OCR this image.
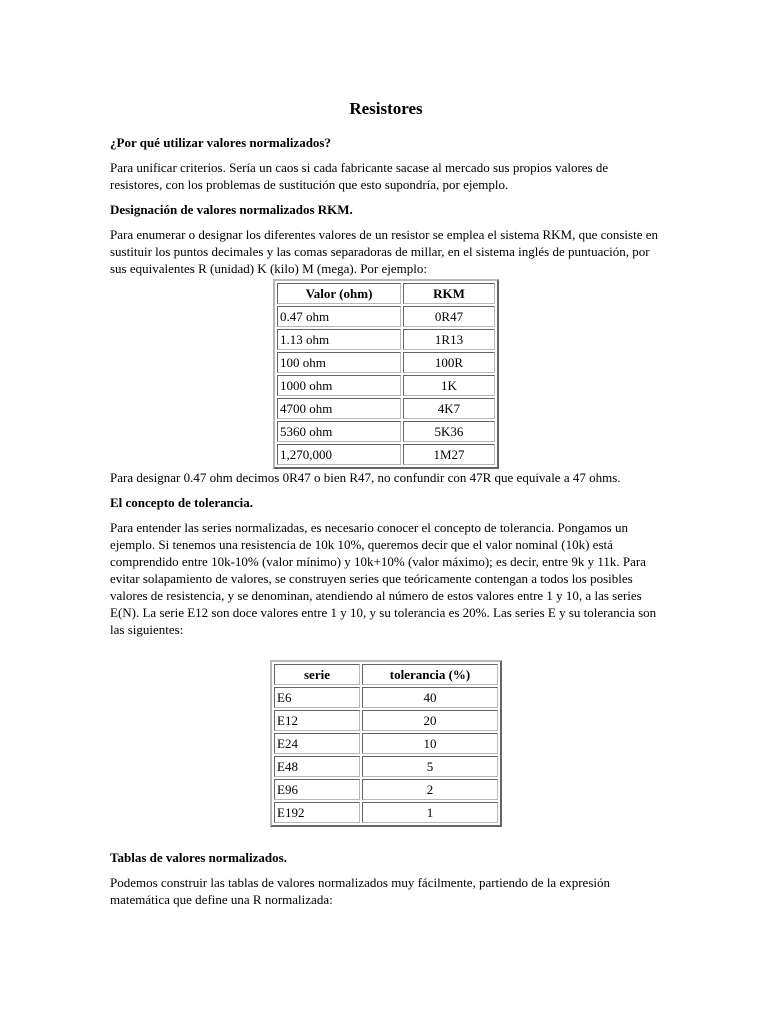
Resistores
¿Por qué utilizar valores normalizados?

Para unificar criterios. Sería un caos si cada fabricante sacase al mercado sus propios valores de resistores, con los problemas de sustitución que esto supondría, por ejemplo.

Designación de valores normalizados RKM.

Para enumerar o designar los diferentes valores de un resistor se emplea el sistema RKM, que consiste en sustituir los puntos decimales y las comas separadoras de millar, en el sistema inglés de puntuación, por sus equivalentes R (unidad) K (kilo) M (mega). Por ejemplo:

Valor (ohm)	RKM
0.47 ohm	0R47
1.13 ohm	1R13
100 ohm	100R
1000 ohm	1K
4700 ohm	4K7
5360 ohm	5K36
1,270,000	1M27

Para designar 0.47 ohm decimos 0R47 o bien R47, no confundir con 47R que equivale a 47 ohms.

El concepto de tolerancia.

Para entender las series normalizadas, es necesario conocer el concepto de tolerancia. Pongamos un ejemplo. Si tenemos una resistencia de 10k 10%, queremos decir que el valor nominal (10k) está comprendido entre 10k-10% (valor mínimo) y 10k+10% (valor máximo); es decir, entre 9k y 11k. Para evitar solapamiento de valores, se construyen series que teóricamente contengan a todos los posibles valores de resistencia, y se denominan, atendiendo al número de estos valores entre 1 y 10, a las series E(N). La serie E12 son doce valores entre 1 y 10, y su tolerancia es 20%. Las series E y su tolerancia son las siguientes:

serie	tolerancia (%)
E6	40
E12	20
E24	10
E48	5
E96	2
E192	1
Tablas de valores normalizados.

Podemos construir las tablas de valores normalizados muy fácilmente, partiendo de la expresión matemática que define una R normalizada:
